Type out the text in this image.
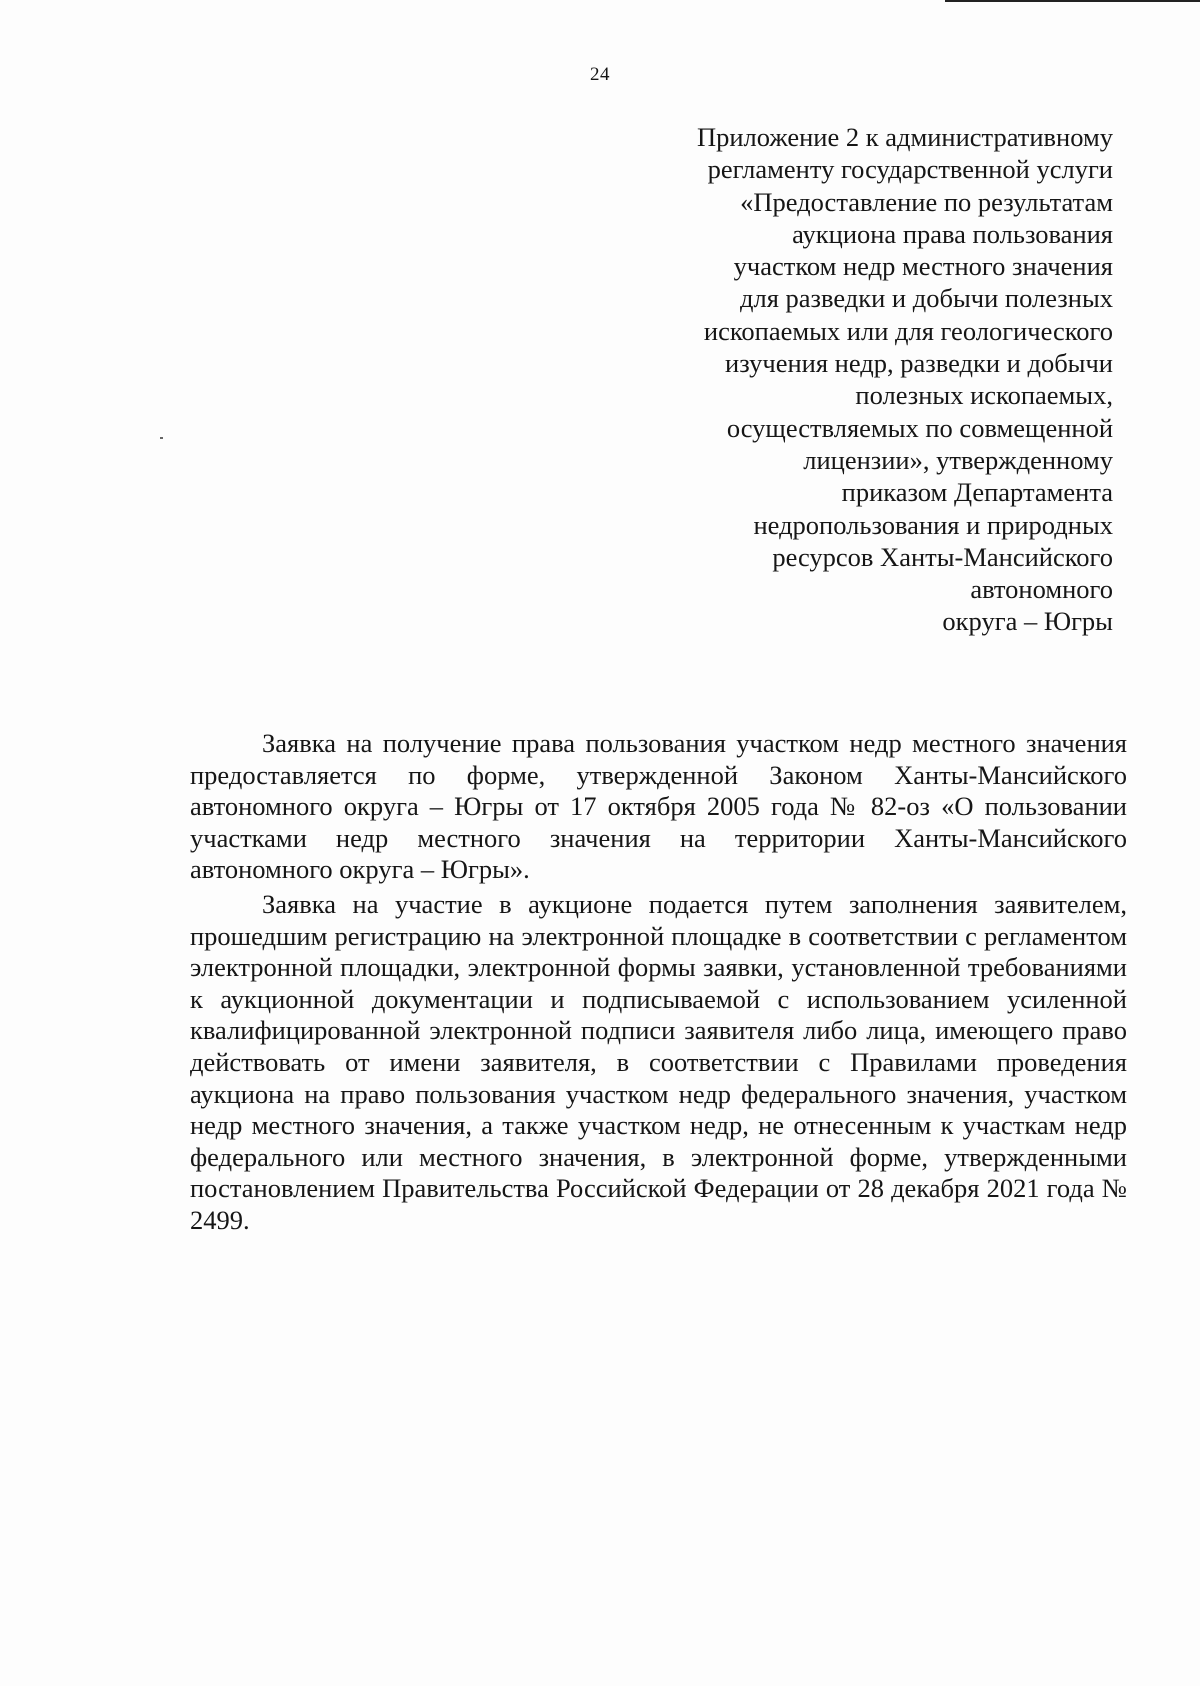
24
Приложение 2 к административному
регламенту государственной услуги
«Предоставление по результатам
аукциона права пользования
участком недр местного значения
для разведки и добычи полезных
ископаемых или для геологического
изучения недр, разведки и добычи
полезных ископаемых,
осуществляемых по совмещенной
лицензии», утвержденному
приказом Департамента
недропользования и природных
ресурсов Ханты-Мансийского
автономного
округа – Югры

Заявка на получение права пользования участком недр местного значения предоставляется по форме, утвержденной Законом Ханты-Мансийского автономного округа – Югры от 17 октября 2005 года № 82-оз «О пользовании участками недр местного значения на территории Ханты-Мансийского автономного округа – Югры».

Заявка на участие в аукционе подается путем заполнения заявителем, прошедшим регистрацию на электронной площадке в соответствии с регламентом электронной площадки, электронной формы заявки, установленной требованиями к аукционной документации и подписываемой с использованием усиленной квалифицированной электронной подписи заявителя либо лица, имеющего право действовать от имени заявителя, в соответствии с Правилами проведения аукциона на право пользования участком недр федерального значения, участком недр местного значения, а также участком недр, не отнесенным к участкам недр федерального или местного значения, в электронной форме, утвержденными постановлением Правительства Российской Федерации от 28 декабря 2021 года № 2499.
